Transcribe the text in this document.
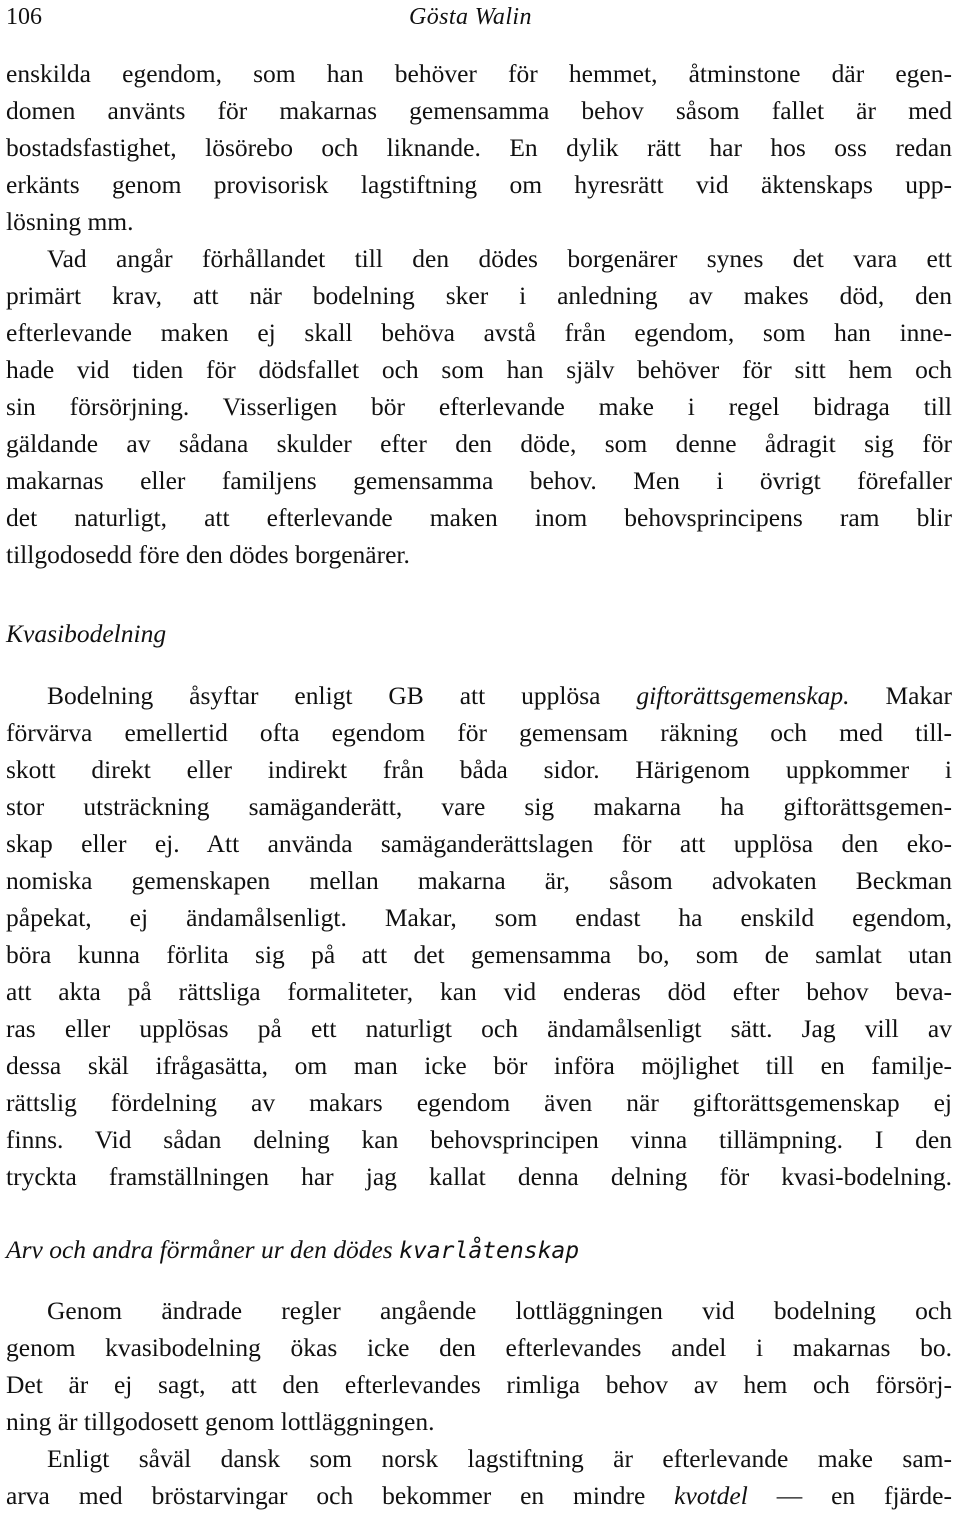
106	Gösta Walin
enskilda egendom, som han behöver för hemmet, åtminstone där egen-
domen använts för makarnas gemensamma behov såsom fallet är med
bostadsfastighet, lösörebo och liknande. En dylik rätt har hos oss redan
erkänts genom provisorisk lagstiftning om hyresrätt vid äktenskaps upp-
lösning mm.
Vad angår förhållandet till den dödes borgenärer synes det vara ett
primärt krav, att när bodelning sker i anledning av makes död, den
efterlevande maken ej skall behöva avstå från egendom, som han inne-
hade vid tiden för dödsfallet och som han själv behöver för sitt hem och
sin försörjning. Visserligen bör efterlevande make i regel bidraga till
gäldande av sådana skulder efter den döde, som denne ådragit sig för
makarnas eller familjens gemensamma behov. Men i övrigt förefaller
det naturligt, att efterlevande maken inom behovsprincipens ram blir
tillgodosedd före den dödes borgenärer.
Kvasibodelning
Bodelning åsyftar enligt GB att upplösa giftorättsgemenskap. Makar
förvärva emellertid ofta egendom för gemensam räkning och med till-
skott direkt eller indirekt från båda sidor. Härigenom uppkommer i
stor utsträckning samäganderätt, vare sig makarna ha giftorättsgemen-
skap eller ej. Att använda samäganderättslagen för att upplösa den eko-
nomiska gemenskapen mellan makarna är, såsom advokaten Beckman
påpekat, ej ändamålsenligt. Makar, som endast ha enskild egendom,
böra kunna förlita sig på att det gemensamma bo, som de samlat utan
att akta på rättsliga formaliteter, kan vid enderas död efter behov beva-
ras eller upplösas på ett naturligt och ändamålsenligt sätt. Jag vill av
dessa skäl ifrågasätta, om man icke bör införa möjlighet till en familje-
rättslig fördelning av makars egendom även när giftorättsgemenskap ej
finns. Vid sådan delning kan behovsprincipen vinna tillämpning. I den
tryckta framställningen har jag kallat denna delning för kvasi-bodelning.
Arv och andra förmåner ur den dödes kvarlåtenskap
Genom ändrade regler angående lottläggningen vid bodelning och
genom kvasibodelning ökas icke den efterlevandes andel i makarnas bo.
Det är ej sagt, att den efterlevandes rimliga behov av hem och försörj-
ning är tillgodosett genom lottläggningen.
Enligt såväl dansk som norsk lagstiftning är efterlevande make sam-
arva med bröstarvingar och bekommer en mindre kvotdel — en fjärde-
